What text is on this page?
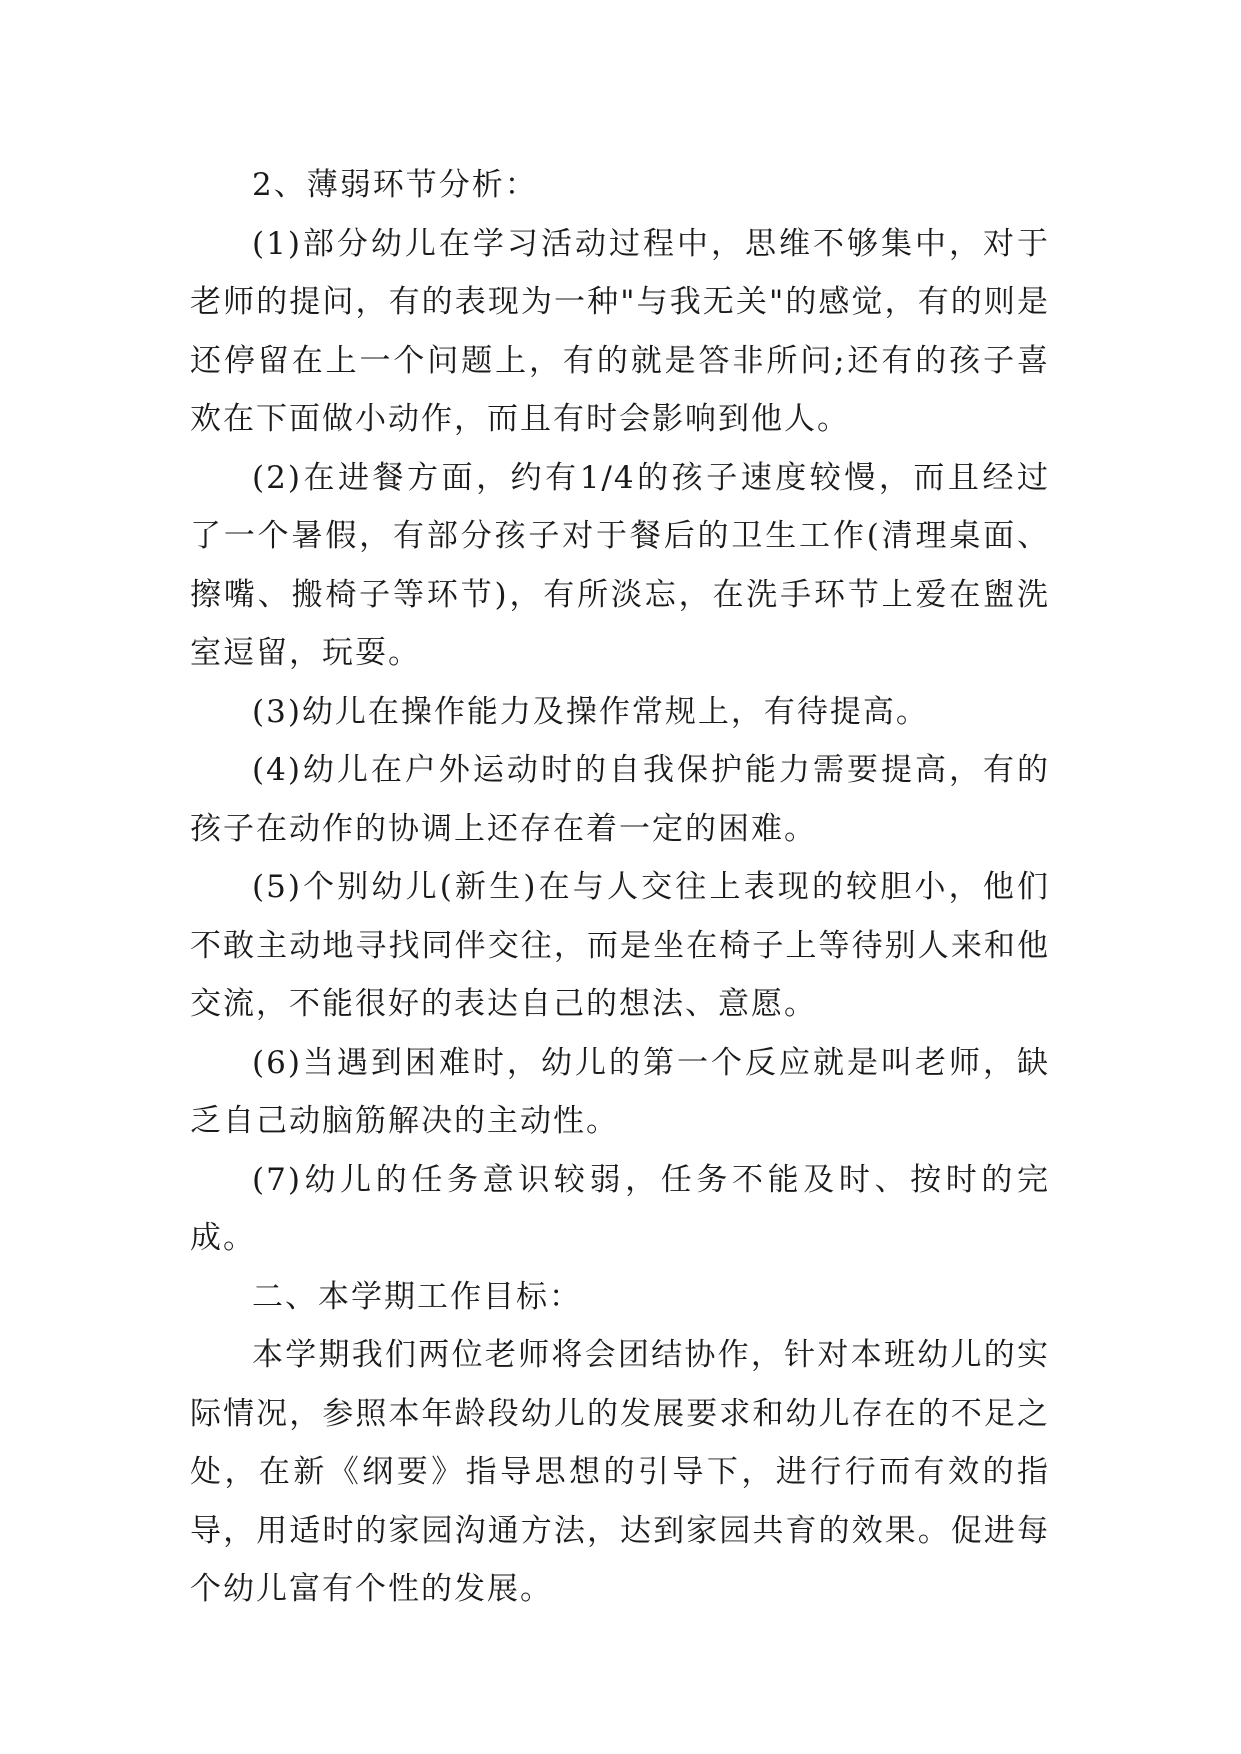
2、薄弱环节分析：

(1)部分幼儿在学习活动过程中，思维不够集中，对于老师的提问，有的表现为一种"与我无关"的感觉，有的则是还停留在上一个问题上，有的就是答非所问;还有的孩子喜欢在下面做小动作，而且有时会影响到他人。

(2)在进餐方面，约有1/4的孩子速度较慢，而且经过了一个暑假，有部分孩子对于餐后的卫生工作(清理桌面、擦嘴、搬椅子等环节)，有所淡忘，在洗手环节上爱在盥洗室逗留，玩耍。

(3)幼儿在操作能力及操作常规上，有待提高。

(4)幼儿在户外运动时的自我保护能力需要提高，有的孩子在动作的协调上还存在着一定的困难。

(5)个别幼儿(新生)在与人交往上表现的较胆小，他们不敢主动地寻找同伴交往，而是坐在椅子上等待别人来和他交流，不能很好的表达自己的想法、意愿。

(6)当遇到困难时，幼儿的第一个反应就是叫老师，缺乏自己动脑筋解决的主动性。

(7)幼儿的任务意识较弱，任务不能及时、按时的完成。

二、本学期工作目标：

本学期我们两位老师将会团结协作，针对本班幼儿的实际情况，参照本年龄段幼儿的发展要求和幼儿存在的不足之处，在新《纲要》指导思想的引导下，进行行而有效的指导，用适时的家园沟通方法，达到家园共育的效果。促进每个幼儿富有个性的发展。
